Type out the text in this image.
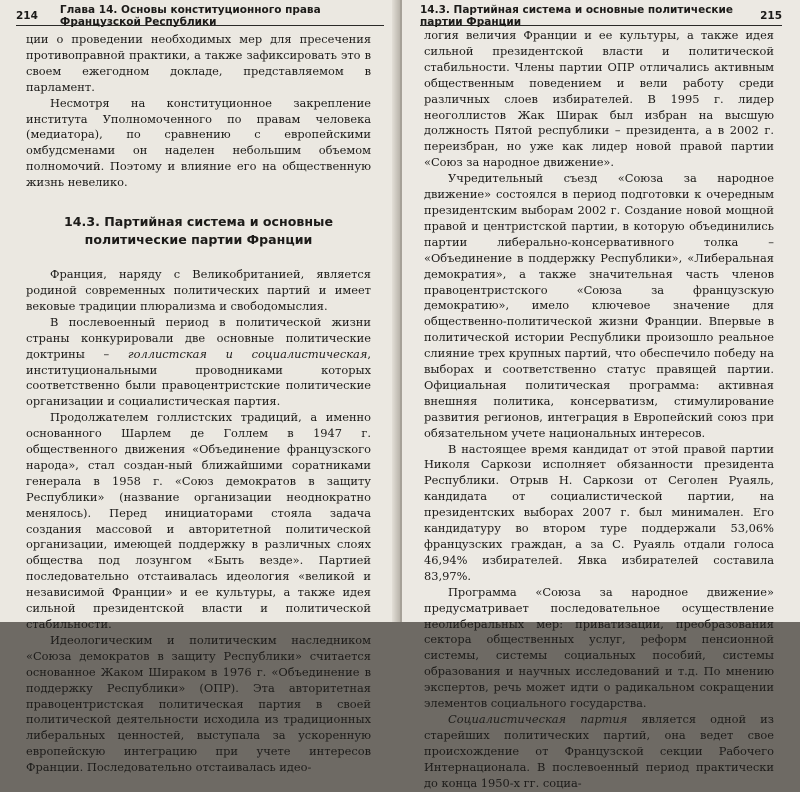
214 Глава 14. Основы конституционного права Французской Республики

ции о проведении необходимых мер для пресечения противоправной практики, а также зафиксировать это в своем ежегодном докладе, представляемом в парламент.

Несмотря на конституционное закрепление института Уполномоченного по правам человека (медиатора), по сравнению с европейскими омбудсменами он наделен небольшим объемом полномочий. Поэтому и влияние его на общественную жизнь невелико.

14.3. Партийная система и основные политические партии Франции

Франция, наряду с Великобританией, является родиной современных политических партий и имеет вековые традиции плюрализма и свободомыслия.

В послевоенный период в политической жизни страны конкурировали две основные политические доктрины – голлистская и социалистическая, институциональными проводниками которых соответственно были правоцентристские политические организации и социалистическая партия.

Продолжателем голлистских традиций, а именно основанного Шарлем де Голлем в 1947 г. общественного движения «Объединение французского народа», стал создан-ный ближайшими соратниками генерала в 1958 г. «Союз демократов в защиту Республики» (название организации неоднократно менялось). Перед инициаторами стояла задача создания массовой и авторитетной политической организации, имеющей поддержку в различных слоях общества под лозунгом «Быть везде». Партией последовательно отстаивалась идеология «великой и независимой Франции» и ее культуры, а также идея сильной президентской власти и политической стабильности.

Идеологическим и политическим наследником «Союза демократов в защиту Республики» считается основанное Жаком Шираком в 1976 г. «Объединение в поддержку Республики» (ОПР). Эта авторитетная правоцентристская политическая партия в своей политической деятельности исходила из традиционных либеральных ценностей, выступала за ускоренную европейскую интеграцию при учете интересов Франции. Последовательно отстаивалась идео-

14.3. Партийная система и основные политические партии Франции	215

логия величия Франции и ее культуры, а также идея сильной президентской власти и политической стабильности. Члены партии ОПР отличались активным общественным поведением и вели работу среди различных слоев избирателей. В 1995 г. лидер неоголлистов Жак Ширак был избран на высшую должность Пятой республики – президента, а в 2002 г. переизбран, но уже как лидер новой правой партии «Союз за народное движение».

Учредительный съезд «Союза за народное движение» состоялся в период подготовки к очередным президентским выборам 2002 г. Создание новой мощной правой и центристской партии, в которую объединились партии либерально-консервативного толка – «Объединение в поддержку Республики», «Либеральная демократия», а также значительная часть членов правоцентристского «Союза за французскую демократию», имело ключевое значение для общественно-политической жизни Франции. Впервые в политической истории Республики произошло реальное слияние трех крупных партий, что обеспечило победу на выборах и соответственно статус правящей партии. Официальная политическая программа: активная внешняя политика, консерватизм, стимулирование развития регионов, интеграция в Европейский союз при обязательном учете национальных интересов.

В настоящее время кандидат от этой правой партии Николя Саркози исполняет обязанности президента Республики. Отрыв Н. Саркози от Сеголен Руаяль, кандидата от социалистической партии, на президентских выборах 2007 г. был минимален. Его кандидатуру во втором туре поддержали 53,06% французских граждан, а за С. Руаяль отдали голоса 46,94% избирателей. Явка избирателей составила 83,97%.

Программа «Союза за народное движение» предусматривает последовательное осуществление неолиберальных мер: приватизации, преобразования сектора общественных услуг, реформ пенсионной системы, системы социальных пособий, системы образования и научных исследований и т.д. По мнению экспертов, речь может идти о радикальном сокращении элементов социального государства.

Социалистическая партия является одной из старейших политических партий, она ведет свое происхождение от Французской секции Рабочего Интернационала. В послевоенный период практически до конца 1950-х гг. социа-
